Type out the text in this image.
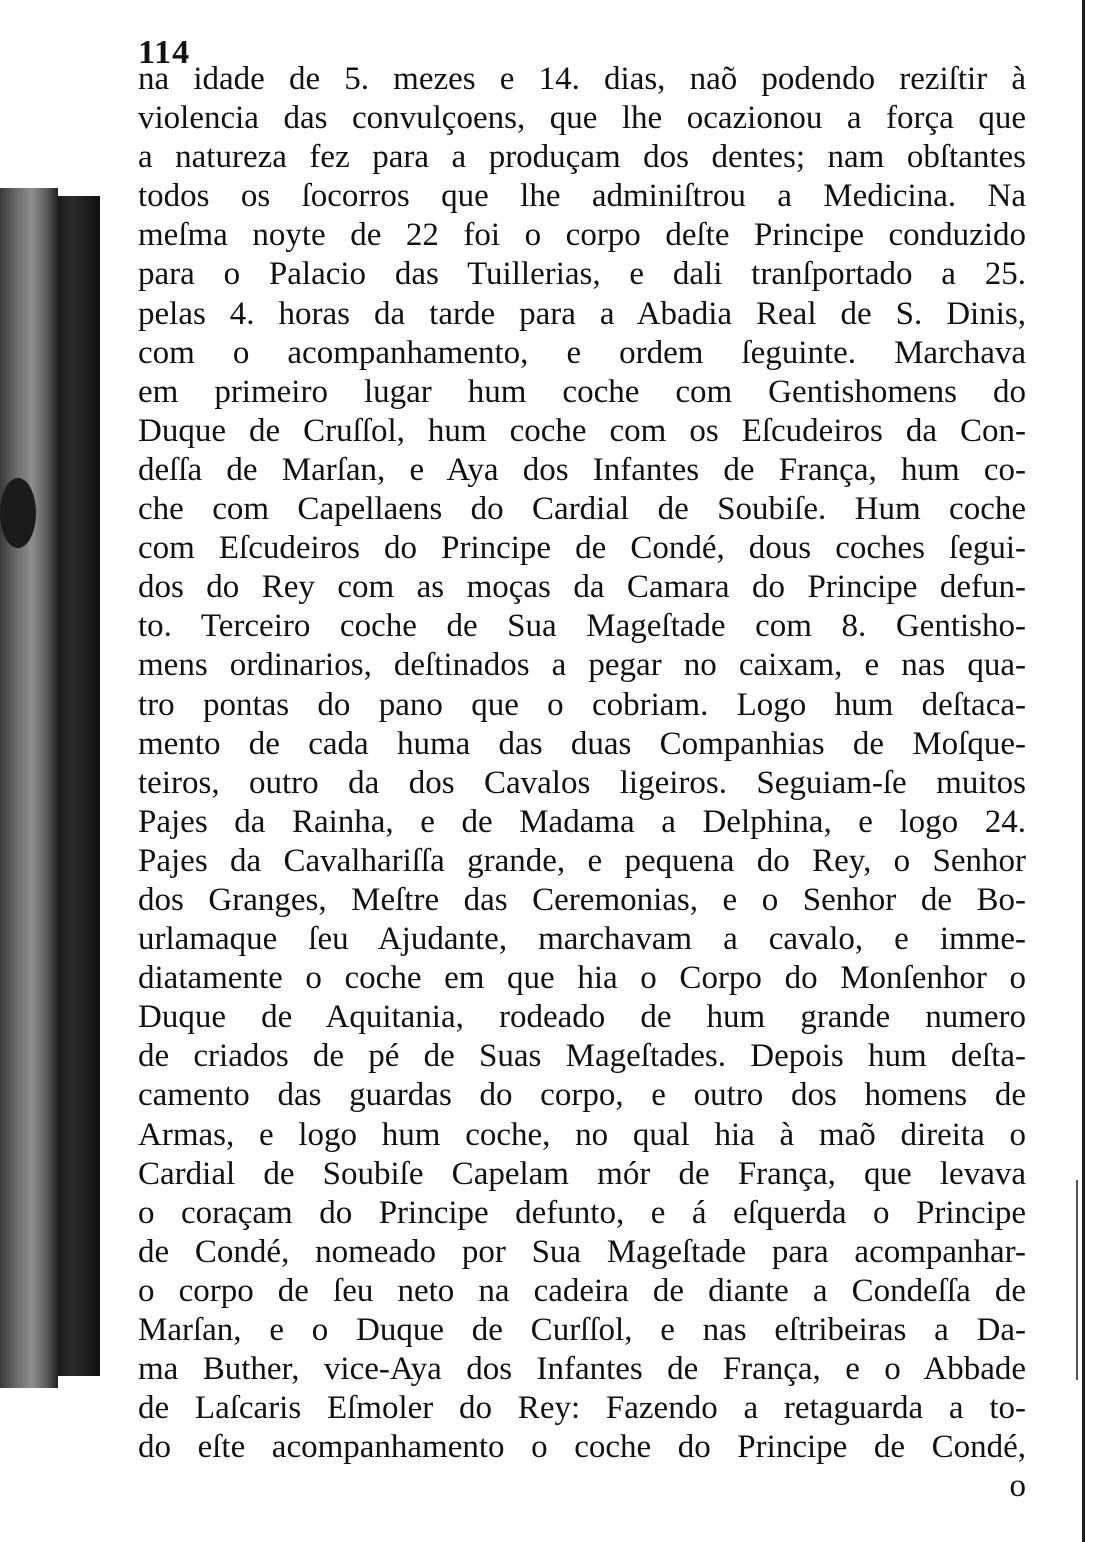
114
na idade de 5. mezes e 14. dias, naõ podendo reziſtir à
violencia das convulçoens, que lhe ocazionou a força que
a natureza fez para a produçam dos dentes; nam obſtantes
todos os ſocorros que lhe adminiſtrou a Medicina. Na
meſma noyte de 22 foi o corpo deſte Principe conduzido
para o Palacio das Tuillerias, e dali tranſportado a 25.
pelas 4. horas da tarde para a Abadia Real de S. Dinis,
com o acompanhamento, e ordem ſeguinte. Marchava
em primeiro lugar hum coche com Gentishomens do
Duque de Cruſſol, hum coche com os Eſcudeiros da Con-
deſſa de Marſan, e Aya dos Infantes de França, hum co-
che com Capellaens do Cardial de Soubiſe. Hum coche
com Eſcudeiros do Principe de Condé, dous coches ſegui-
dos do Rey com as moças da Camara do Principe defun-
to. Terceiro coche de Sua Mageſtade com 8. Gentisho-
mens ordinarios, deſtinados a pegar no caixam, e nas qua-
tro pontas do pano que o cobriam. Logo hum deſtaca-
mento de cada huma das duas Companhias de Moſque-
teiros, outro da dos Cavalos ligeiros. Seguiam-ſe muitos
Pajes da Rainha, e de Madama a Delphina, e logo 24.
Pajes da Cavalhariſſa grande, e pequena do Rey, o Senhor
dos Granges, Meſtre das Ceremonias, e o Senhor de Bo-
urlamaque ſeu Ajudante, marchavam a cavalo, e imme-
diatamente o coche em que hia o Corpo do Monſenhor o
Duque de Aquitania, rodeado de hum grande numero
de criados de pé de Suas Mageſtades. Depois hum deſta-
camento das guardas do corpo, e outro dos homens de
Armas, e logo hum coche, no qual hia à maõ direita o
Cardial de Soubiſe Capelam mór de França, que levava
o coraçam do Principe defunto, e á eſquerda o Principe
de Condé, nomeado por Sua Mageſtade para acompanhar-
o corpo de ſeu neto na cadeira de diante a Condeſſa de
Marſan, e o Duque de Curſſol, e nas eſtribeiras a Da-
ma Buther, vice-Aya dos Infantes de França, e o Abbade
de Laſcaris Eſmoler do Rey: Fazendo a retaguarda a to-
do eſte acompanhamento o coche do Principe de Condé,
o
